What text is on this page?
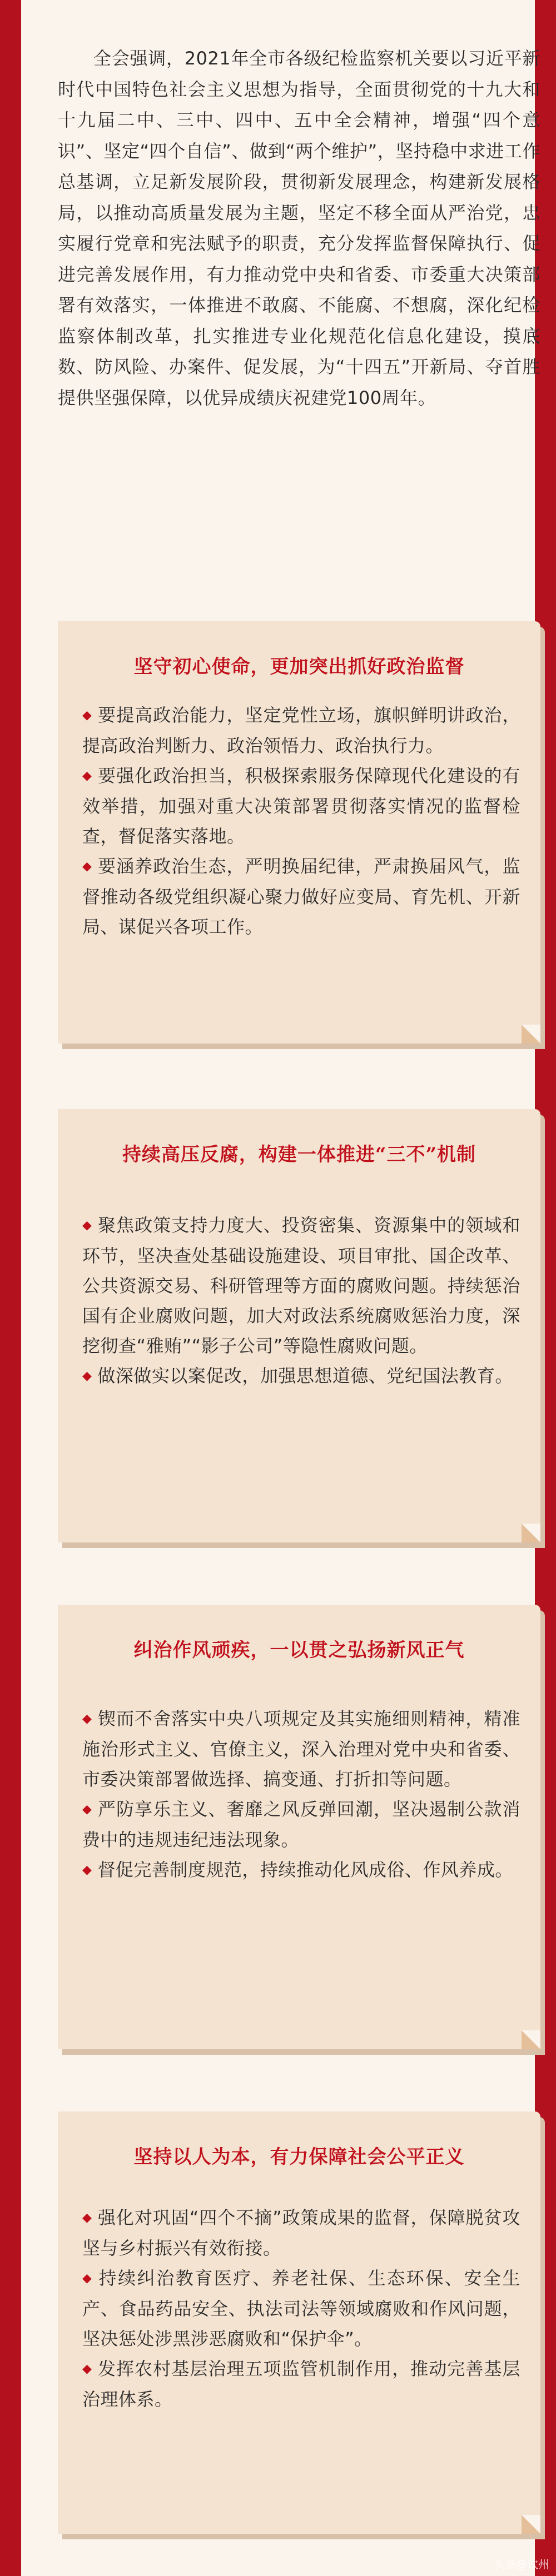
全会强调，2021年全市各级纪检监察机关要以习近平新时代中国特色社会主义思想为指导，全面贯彻党的十九大和十九届二中、三中、四中、五中全会精神，增强“四个意识”、坚定“四个自信”、做到“两个维护”，坚持稳中求进工作总基调，立足新发展阶段，贯彻新发展理念，构建新发展格局，以推动高质量发展为主题，坚定不移全面从严治党，忠实履行党章和宪法赋予的职责，充分发挥监督保障执行、促进完善发展作用，有力推动党中央和省委、市委重大决策部署有效落实，一体推进不敢腐、不能腐、不想腐，深化纪检监察体制改革，扎实推进专业化规范化信息化建设，摸底数、防风险、办案件、促发展，为“十四五”开新局、夺首胜提供坚强保障，以优异成绩庆祝建党100周年。

坚守初心使命，更加突出抓好政治监督

◆ 要提高政治能力，坚定党性立场，旗帜鲜明讲政治，提高政治判断力、政治领悟力、政治执行力。

◆ 要强化政治担当，积极探索服务保障现代化建设的有效举措，加强对重大决策部署贯彻落实情况的监督检查，督促落实落地。

◆ 要涵养政治生态，严明换届纪律，严肃换届风气，监督推动各级党组织凝心聚力做好应变局、育先机、开新局、谋促兴各项工作。

持续高压反腐，构建一体推进“三不”机制

◆ 聚焦政策支持力度大、投资密集、资源集中的领域和环节，坚决查处基础设施建设、项目审批、国企改革、公共资源交易、科研管理等方面的腐败问题。持续惩治国有企业腐败问题，加大对政法系统腐败惩治力度，深挖彻查“雅贿”“影子公司”等隐性腐败问题。

◆ 做深做实以案促改，加强思想道德、党纪国法教育。

纠治作风顽疾，一以贯之弘扬新风正气

◆ 锲而不舍落实中央八项规定及其实施细则精神，精准施治形式主义、官僚主义，深入治理对党中央和省委、市委决策部署做选择、搞变通、打折扣等问题。

◆ 严防享乐主义、奢靡之风反弹回潮，坚决遏制公款消费中的违规违纪违法现象。

◆ 督促完善制度规范，持续推动化风成俗、作风养成。

坚持以人为本，有力保障社会公平正义

◆ 强化对巩固“四个不摘”政策成果的监督，保障脱贫攻坚与乡村振兴有效衔接。

◆ 持续纠治教育医疗、养老社保、生态环保、安全生产、食品药品安全、执法司法等领域腐败和作风问题，坚决惩处涉黑涉恶腐败和“保护伞”。

◆ 发挥农村基层治理五项监管机制作用，推动完善基层治理体系。

头条@钦州
